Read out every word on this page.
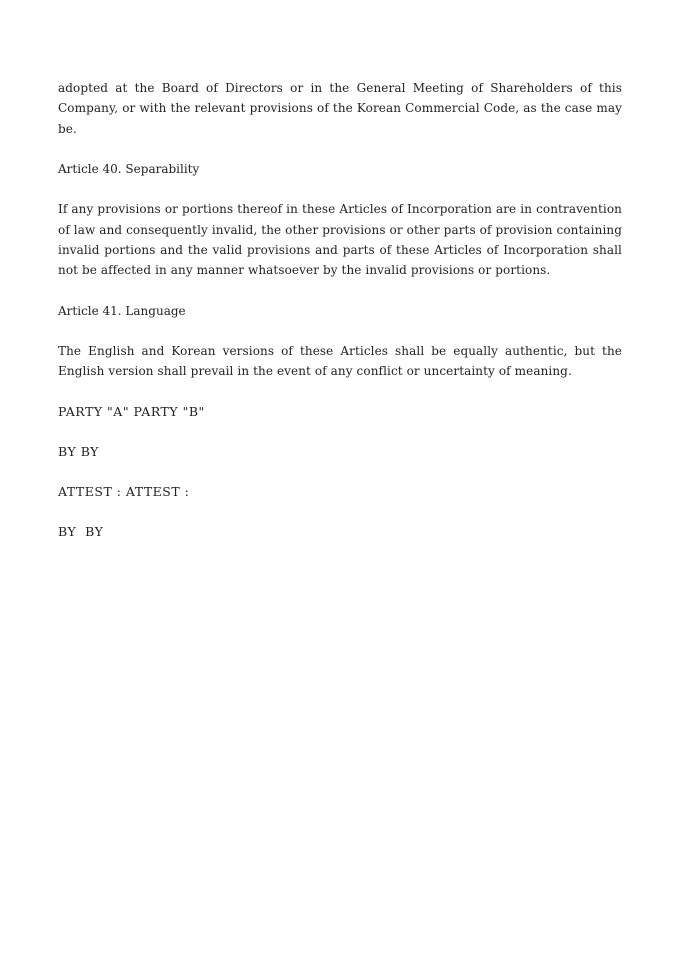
adopted at the Board of Directors or in the General Meeting of Shareholders of this Company, or with the relevant provisions of the Korean Commercial Code, as the case may be.

Article 40. Separability

If any provisions or portions thereof in these Articles of Incorporation are in contravention of law and consequently invalid, the other provisions or other parts of provision containing invalid portions and the valid provisions and parts of these Articles of Incorporation shall not be affected in any manner whatsoever by the invalid provisions or portions.

Article 41. Language

The English and Korean versions of these Articles shall be equally authentic, but the English version shall prevail in the event of any conflict or uncertainty of meaning.

PARTY "A" PARTY "B"

BY BY

ATTEST : ATTEST :

BY  BY
